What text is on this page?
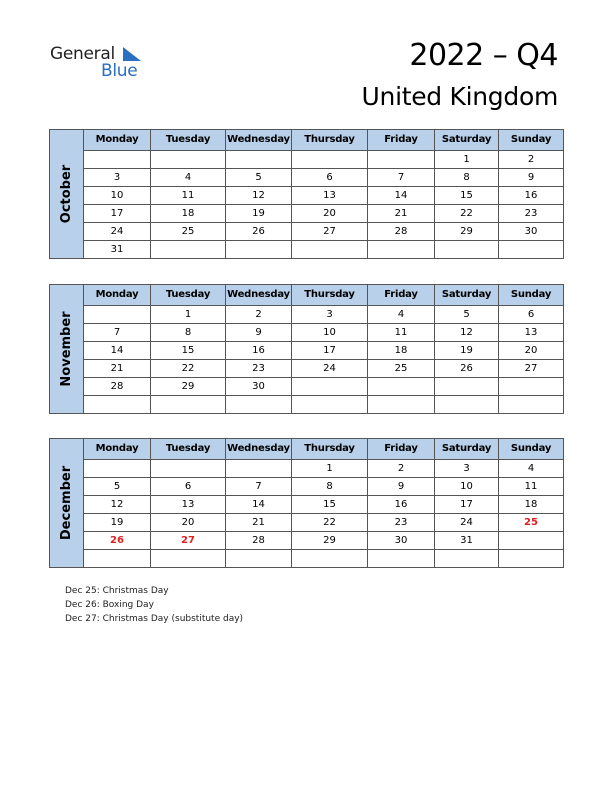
General
Blue	2022 – Q4
United Kingdom
October	Monday	Tuesday	Wednesday	Thursday	Friday	Saturday	Sunday
						1	2
	3	4	5	6	7	8	9
	10	11	12	13	14	15	16
	17	18	19	20	21	22	23
	24	25	26	27	28	29	30
	31						
November	Monday	Tuesday	Wednesday	Thursday	Friday	Saturday	Sunday
		1	2	3	4	5	6
	7	8	9	10	11	12	13
	14	15	16	17	18	19	20
	21	22	23	24	25	26	27
	28	29	30				

December	Monday	Tuesday	Wednesday	Thursday	Friday	Saturday	Sunday
				1	2	3	4
	5	6	7	8	9	10	11
	12	13	14	15	16	17	18
	19	20	21	22	23	24	25
	26	27	28	29	30	31	

Dec 25: Christmas Day
Dec 26: Boxing Day
Dec 27: Christmas Day (substitute day)
